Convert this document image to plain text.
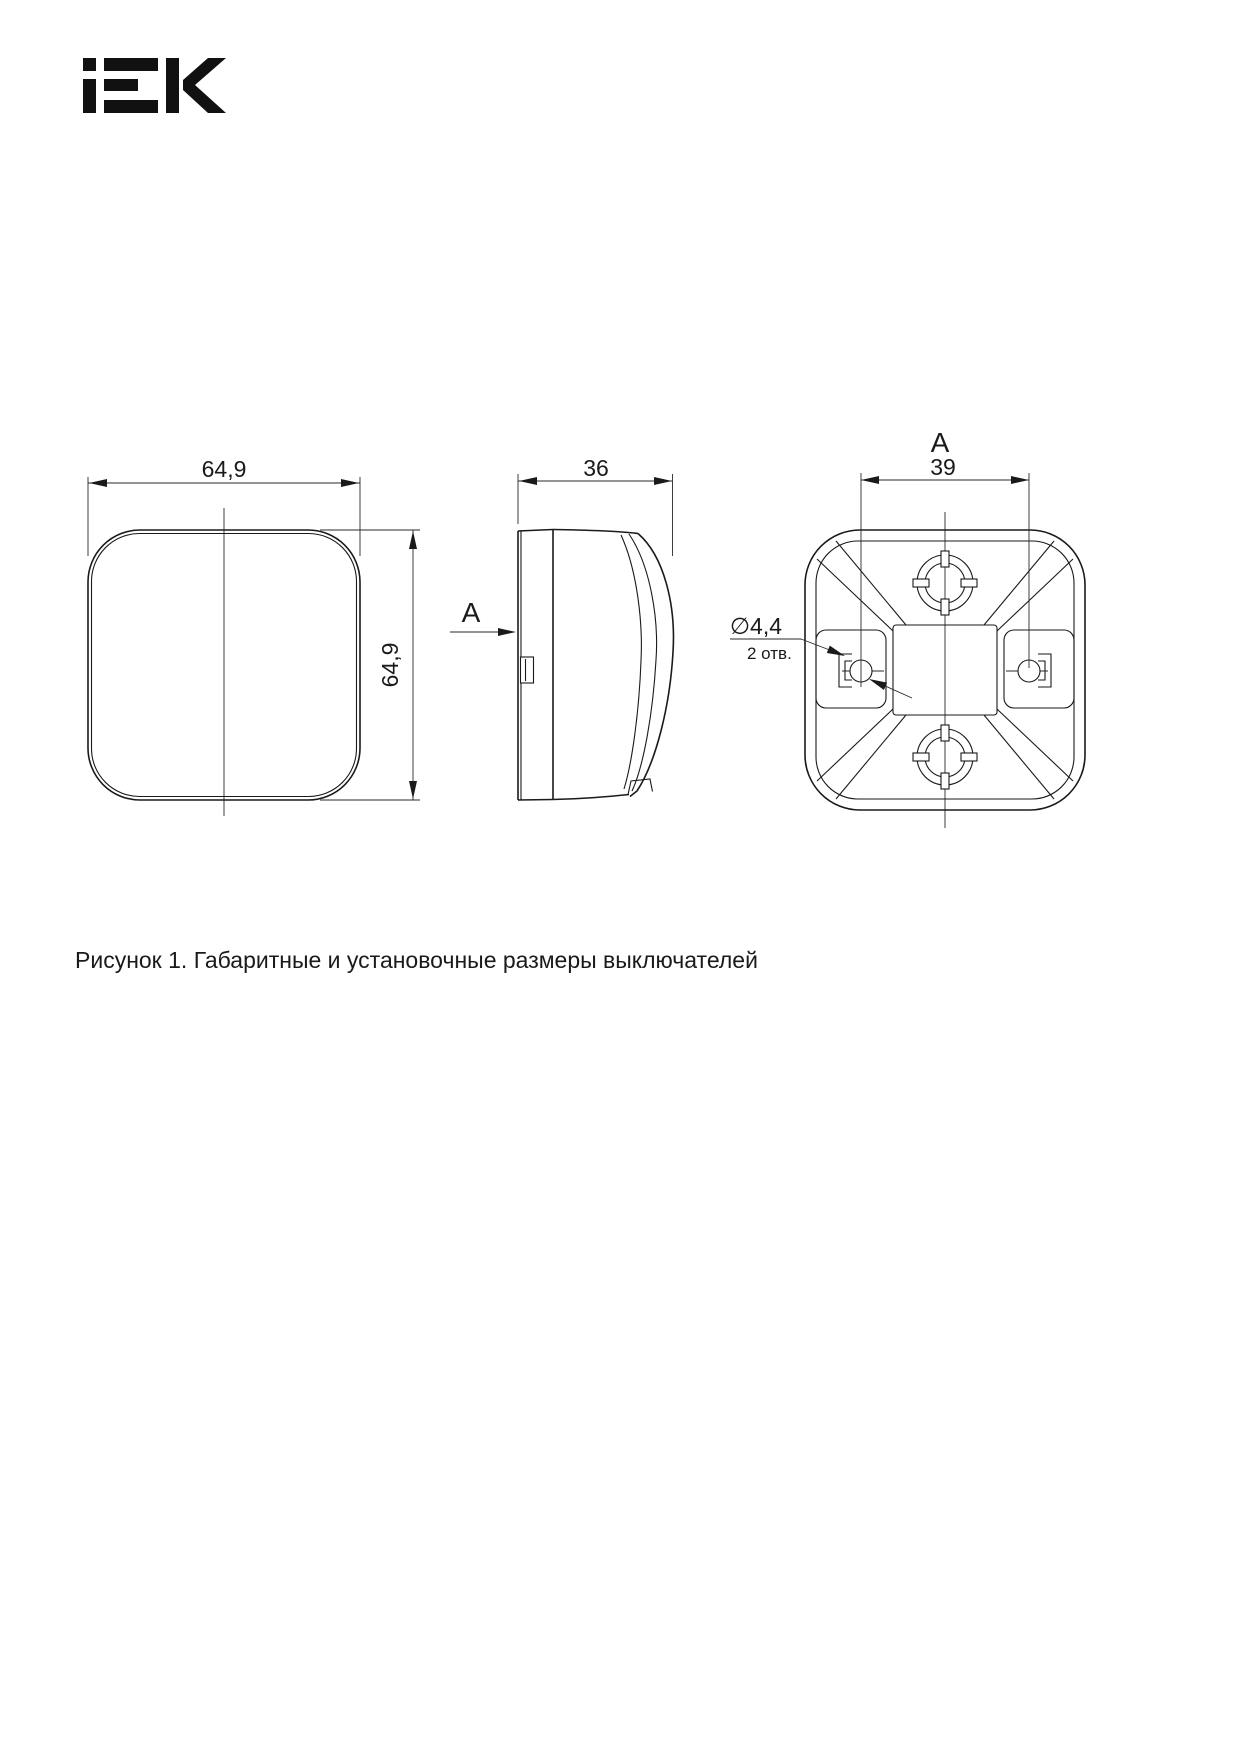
64,9
64,9
36
A
A
39
∅4,4
2 отв.
Рисунок 1. Габаритные и установочные размеры выключателей
